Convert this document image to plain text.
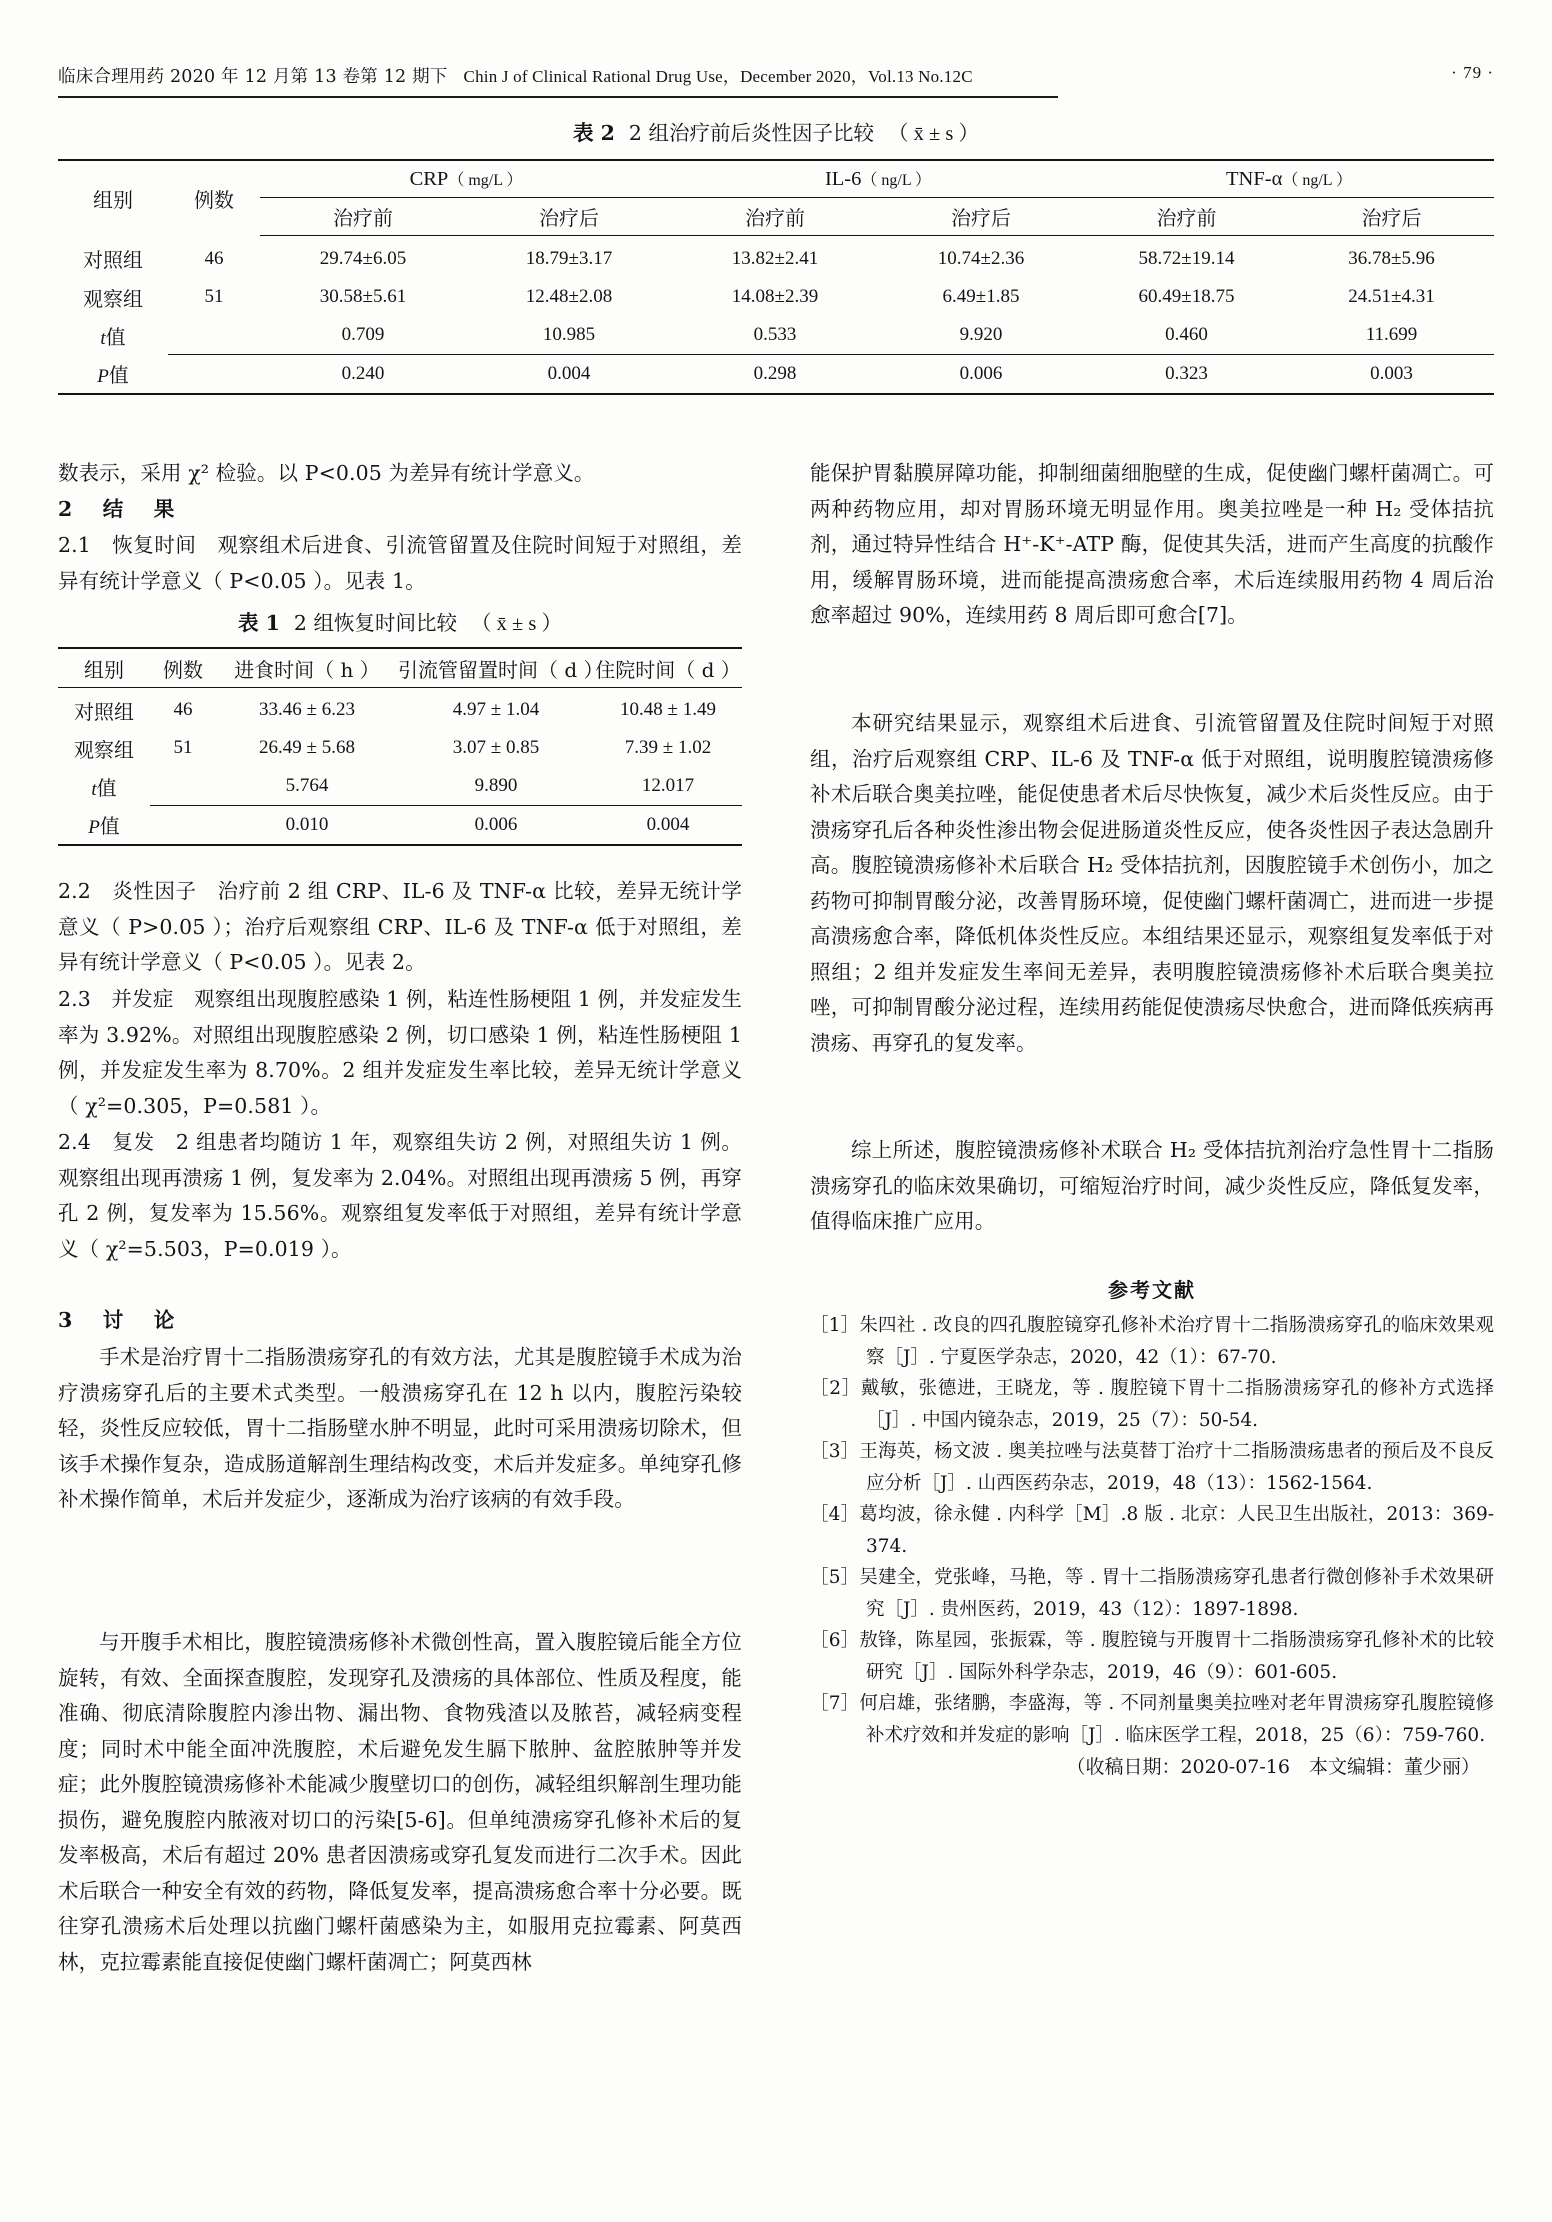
临床合理用药 2020 年 12 月第 13 卷第 12 期下 Chin J of Clinical Rational Drug Use，December 2020，Vol.13 No.12C	· 79 ·
表 2 2 组治疗前后炎性因子比较 （ x̄ ± s ）
组别	例数	CRP（ mg/L ）		IL-6（ ng/L ）		TNF-α（ ng/L ）	
		治疗前	治疗后	治疗前	治疗后	治疗前	治疗后
对照组	46	29.74±6.05	18.79±3.17	13.82±2.41	10.74±2.36	58.72±19.14	36.78±5.96
观察组	51	30.58±5.61	12.48±2.08	14.08±2.39	6.49±1.85	60.49±18.75	24.51±4.31
t值		0.709	10.985	0.533	9.920	0.460	11.699
P值		0.240	0.004	0.298	0.006	0.323	0.003
数表示，采用 χ² 检验。以 P<0.05 为差异有统计学意义。
2　结　果
2.1　恢复时间　观察组术后进食、引流管留置及住院时间短于对照组，差异有统计学意义（ P<0.05 ）。见表 1。
表 1 2 组恢复时间比较 （ x̄ ± s ）
组别	例数	进食时间（ h ）	引流管留置时间（ d ）	住院时间（ d ）
对照组	46	33.46 ± 6.23	4.97 ± 1.04	10.48 ± 1.49
观察组	51	26.49 ± 5.68	3.07 ± 0.85	7.39 ± 1.02
t值		5.764	9.890	12.017
P值		0.010	0.006	0.004
2.2　炎性因子　治疗前 2 组 CRP、IL-6 及 TNF-α 比较，差异无统计学意义（ P>0.05 ）；治疗后观察组 CRP、IL-6 及 TNF-α 低于对照组，差异有统计学意义（ P<0.05 ）。见表 2。
2.3　并发症　观察组出现腹腔感染 1 例，粘连性肠梗阻 1 例，并发症发生率为 3.92%。对照组出现腹腔感染 2 例，切口感染 1 例，粘连性肠梗阻 1 例，并发症发生率为 8.70%。2 组并发症发生率比较，差异无统计学意义（ χ²=0.305，P=0.581 ）。
2.4　复发　2 组患者均随访 1 年，观察组失访 2 例，对照组失访 1 例。观察组出现再溃疡 1 例，复发率为 2.04%。对照组出现再溃疡 5 例，再穿孔 2 例，复发率为 15.56%。观察组复发率低于对照组，差异有统计学意义（ χ²=5.503，P=0.019 ）。
3　讨　论
手术是治疗胃十二指肠溃疡穿孔的有效方法，尤其是腹腔镜手术成为治疗溃疡穿孔后的主要术式类型。一般溃疡穿孔在 12 h 以内，腹腔污染较轻，炎性反应较低，胃十二指肠壁水肿不明显，此时可采用溃疡切除术，但该手术操作复杂，造成肠道解剖生理结构改变，术后并发症多。单纯穿孔修补术操作简单，术后并发症少，逐渐成为治疗该病的有效手段。
与开腹手术相比，腹腔镜溃疡修补术微创性高，置入腹腔镜后能全方位旋转，有效、全面探查腹腔，发现穿孔及溃疡的具体部位、性质及程度，能准确、彻底清除腹腔内渗出物、漏出物、食物残渣以及脓苔，减轻病变程度；同时术中能全面冲洗腹腔，术后避免发生膈下脓肿、盆腔脓肿等并发症；此外腹腔镜溃疡修补术能减少腹壁切口的创伤，减轻组织解剖生理功能损伤，避免腹腔内脓液对切口的污染[5-6]。但单纯溃疡穿孔修补术后的复发率极高，术后有超过 20% 患者因溃疡或穿孔复发而进行二次手术。因此术后联合一种安全有效的药物，降低复发率，提高溃疡愈合率十分必要。既往穿孔溃疡术后处理以抗幽门螺杆菌感染为主，如服用克拉霉素、阿莫西林，克拉霉素能直接促使幽门螺杆菌凋亡；阿莫西林
能保护胃黏膜屏障功能，抑制细菌细胞壁的生成，促使幽门螺杆菌凋亡。可两种药物应用，却对胃肠环境无明显作用。奥美拉唑是一种 H₂ 受体拮抗剂，通过特异性结合 H⁺-K⁺-ATP 酶，促使其失活，进而产生高度的抗酸作用，缓解胃肠环境，进而能提高溃疡愈合率，术后连续服用药物 4 周后治愈率超过 90%，连续用药 8 周后即可愈合[7]。
本研究结果显示，观察组术后进食、引流管留置及住院时间短于对照组，治疗后观察组 CRP、IL-6 及 TNF-α 低于对照组，说明腹腔镜溃疡修补术后联合奥美拉唑，能促使患者术后尽快恢复，减少术后炎性反应。由于溃疡穿孔后各种炎性渗出物会促进肠道炎性反应，使各炎性因子表达急剧升高。腹腔镜溃疡修补术后联合 H₂ 受体拮抗剂，因腹腔镜手术创伤小，加之药物可抑制胃酸分泌，改善胃肠环境，促使幽门螺杆菌凋亡，进而进一步提高溃疡愈合率，降低机体炎性反应。本组结果还显示，观察组复发率低于对照组；2 组并发症发生率间无差异，表明腹腔镜溃疡修补术后联合奥美拉唑，可抑制胃酸分泌过程，连续用药能促使溃疡尽快愈合，进而降低疾病再溃疡、再穿孔的复发率。
综上所述，腹腔镜溃疡修补术联合 H₂ 受体拮抗剂治疗急性胃十二指肠溃疡穿孔的临床效果确切，可缩短治疗时间，减少炎性反应，降低复发率，值得临床推广应用。
参考文献
［1］朱四社 . 改良的四孔腹腔镜穿孔修补术治疗胃十二指肠溃疡穿孔的临床效果观察［J］. 宁夏医学杂志，2020，42（1）：67-70.
［2］戴敏，张德进，王晓龙，等 . 腹腔镜下胃十二指肠溃疡穿孔的修补方式选择［J］. 中国内镜杂志，2019，25（7）：50-54.
［3］王海英，杨文波 . 奥美拉唑与法莫替丁治疗十二指肠溃疡患者的预后及不良反应分析［J］. 山西医药杂志，2019，48（13）：1562-1564.
［4］葛均波，徐永健 . 内科学［M］.8 版 . 北京：人民卫生出版社，2013：369-374.
［5］吴建全，党张峰，马艳，等 . 胃十二指肠溃疡穿孔患者行微创修补手术效果研究［J］. 贵州医药，2019，43（12）：1897-1898.
［6］敖锋，陈星园，张振霖，等 . 腹腔镜与开腹胃十二指肠溃疡穿孔修补术的比较研究［J］. 国际外科学杂志，2019，46（9）：601-605.
［7］何启雄，张绪鹏，李盛海，等 . 不同剂量奥美拉唑对老年胃溃疡穿孔腹腔镜修补术疗效和并发症的影响［J］. 临床医学工程，2018，25（6）：759-760.
（收稿日期：2020-07-16　本文编辑：董少丽）
